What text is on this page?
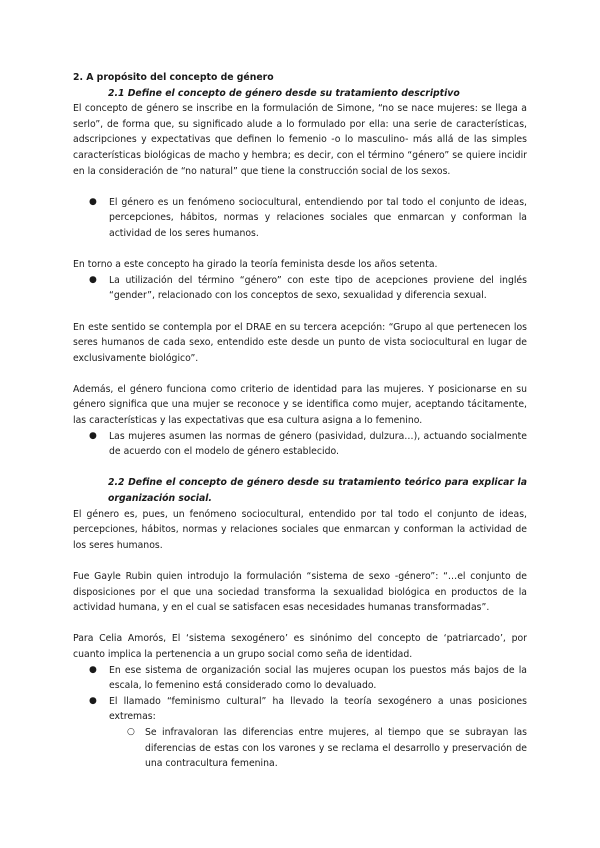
2. A propósito del concepto de género

2.1 Define el concepto de género desde su tratamiento descriptivo

El concepto de género se inscribe en la formulación de Simone, “no se nace mujeres: se llega a serlo”, de forma que, su significado alude a lo formulado por ella: una serie de características, adscripciones y expectativas que definen lo femenio -o lo masculino- más allá de las simples características biológicas de macho y hembra; es decir, con el término “género” se quiere incidir en la consideración de “no natural” que tiene la construcción social de los sexos.

● El género es un fenómeno sociocultural, entendiendo por tal todo el conjunto de ideas, percepciones, hábitos, normas y relaciones sociales que enmarcan y conforman la actividad de los seres humanos.

En torno a este concepto ha girado la teoría feminista desde los años setenta.

● La utilización del término “género” con este tipo de acepciones proviene del inglés “gender”, relacionado con los conceptos de sexo, sexualidad y diferencia sexual.

En este sentido se contempla por el DRAE en su tercera acepción: “Grupo al que pertenecen los seres humanos de cada sexo, entendido este desde un punto de vista sociocultural en lugar de exclusivamente biológico”.

Además, el género funciona como criterio de identidad para las mujeres. Y posicionarse en su género significa que una mujer se reconoce y se identifica como mujer, aceptando tácitamente, las características y las expectativas que esa cultura asigna a lo femenino.

● Las mujeres asumen las normas de género (pasividad, dulzura…), actuando socialmente de acuerdo con el modelo de género establecido.

2.2 Define el concepto de género desde su tratamiento teórico para explicar la organización social.

El género es, pues, un fenómeno sociocultural, entendido por tal todo el conjunto de ideas, percepciones, hábitos, normas y relaciones sociales que enmarcan y conforman la actividad de los seres humanos.

Fue Gayle Rubin quien introdujo la formulación “sistema de sexo -género”: “…el conjunto de disposiciones por el que una sociedad transforma la sexualidad biológica en productos de la actividad humana, y en el cual se satisfacen esas necesidades humanas transformadas”.

Para Celia Amorós, El ‘sistema sexogénero’ es sinónimo del concepto de ‘patriarcado’, por cuanto implica la pertenencia a un grupo social como seña de identidad.

● En ese sistema de organización social las mujeres ocupan los puestos más bajos de la escala, lo femenino está considerado como lo devaluado.

● El llamado “feminismo cultural” ha llevado la teoría sexogénero a unas posiciones extremas:

○ Se infravaloran las diferencias entre mujeres, al tiempo que se subrayan las diferencias de estas con los varones y se reclama el desarrollo y preservación de una contracultura femenina.
